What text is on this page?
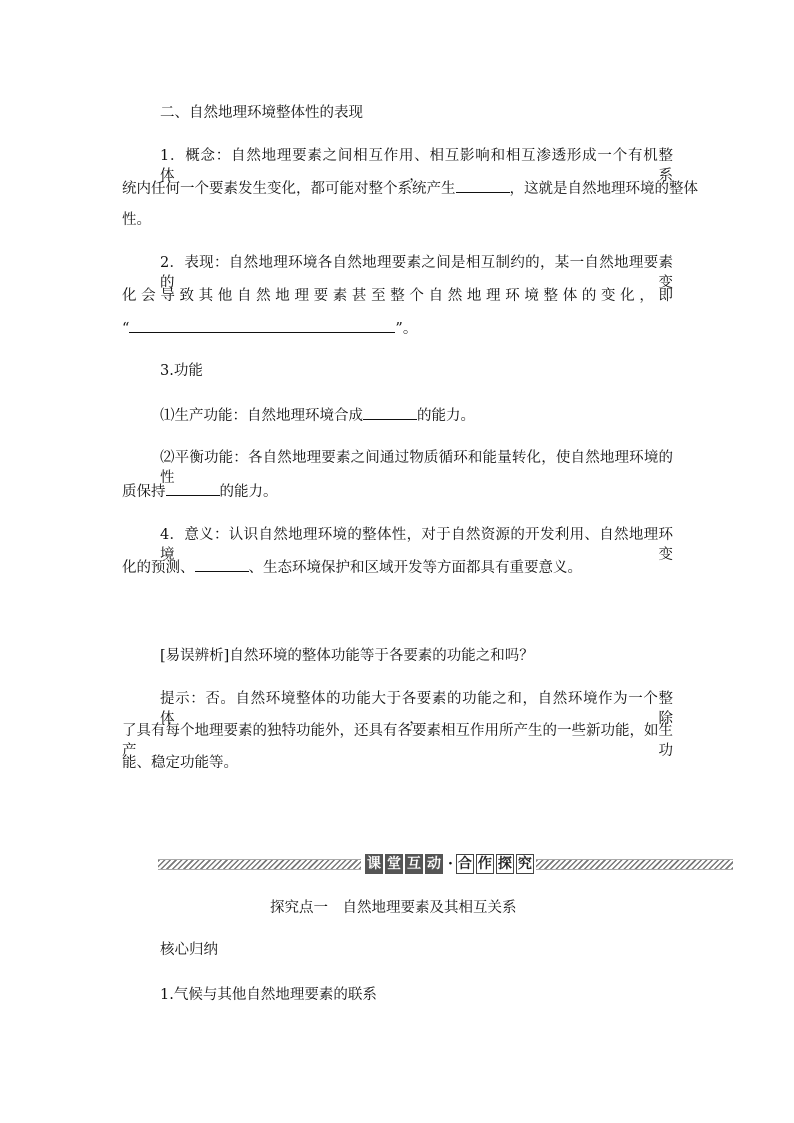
二、自然地理环境整体性的表现
1．概念：自然地理要素之间相互作用、相互影响和相互渗透形成一个有机整体，系
统内任何一个要素发生变化，都可能对整个系统产生	，这就是自然地理环境的整体
性。
2．表现：自然地理环境各自然地理要素之间是相互制约的，某一自然地理要素的变
化会导致其他自然地理要素甚至整个自然地理环境整体的变化，即
“	”。
3.功能
⑴生产功能：自然地理环境合成	的能力。
⑵平衡功能：各自然地理要素之间通过物质循环和能量转化，使自然地理环境的性
质保持	的能力。
4．意义：认识自然地理环境的整体性，对于自然资源的开发利用、自然地理环境变
化的预测、	、生态环境保护和区域开发等方面都具有重要意义。
[易误辨析]自然环境的整体功能等于各要素的功能之和吗？
提示：否。自然环境整体的功能大于各要素的功能之和，自然环境作为一个整体，除
了具有每个地理要素的独特功能外，还具有各要素相互作用所产生的一些新功能，如生产功
能、稳定功能等。
课 堂 互 动 · 合 作 探 究
探究点一　自然地理要素及其相互关系
核心归纳
1.气候与其他自然地理要素的联系
